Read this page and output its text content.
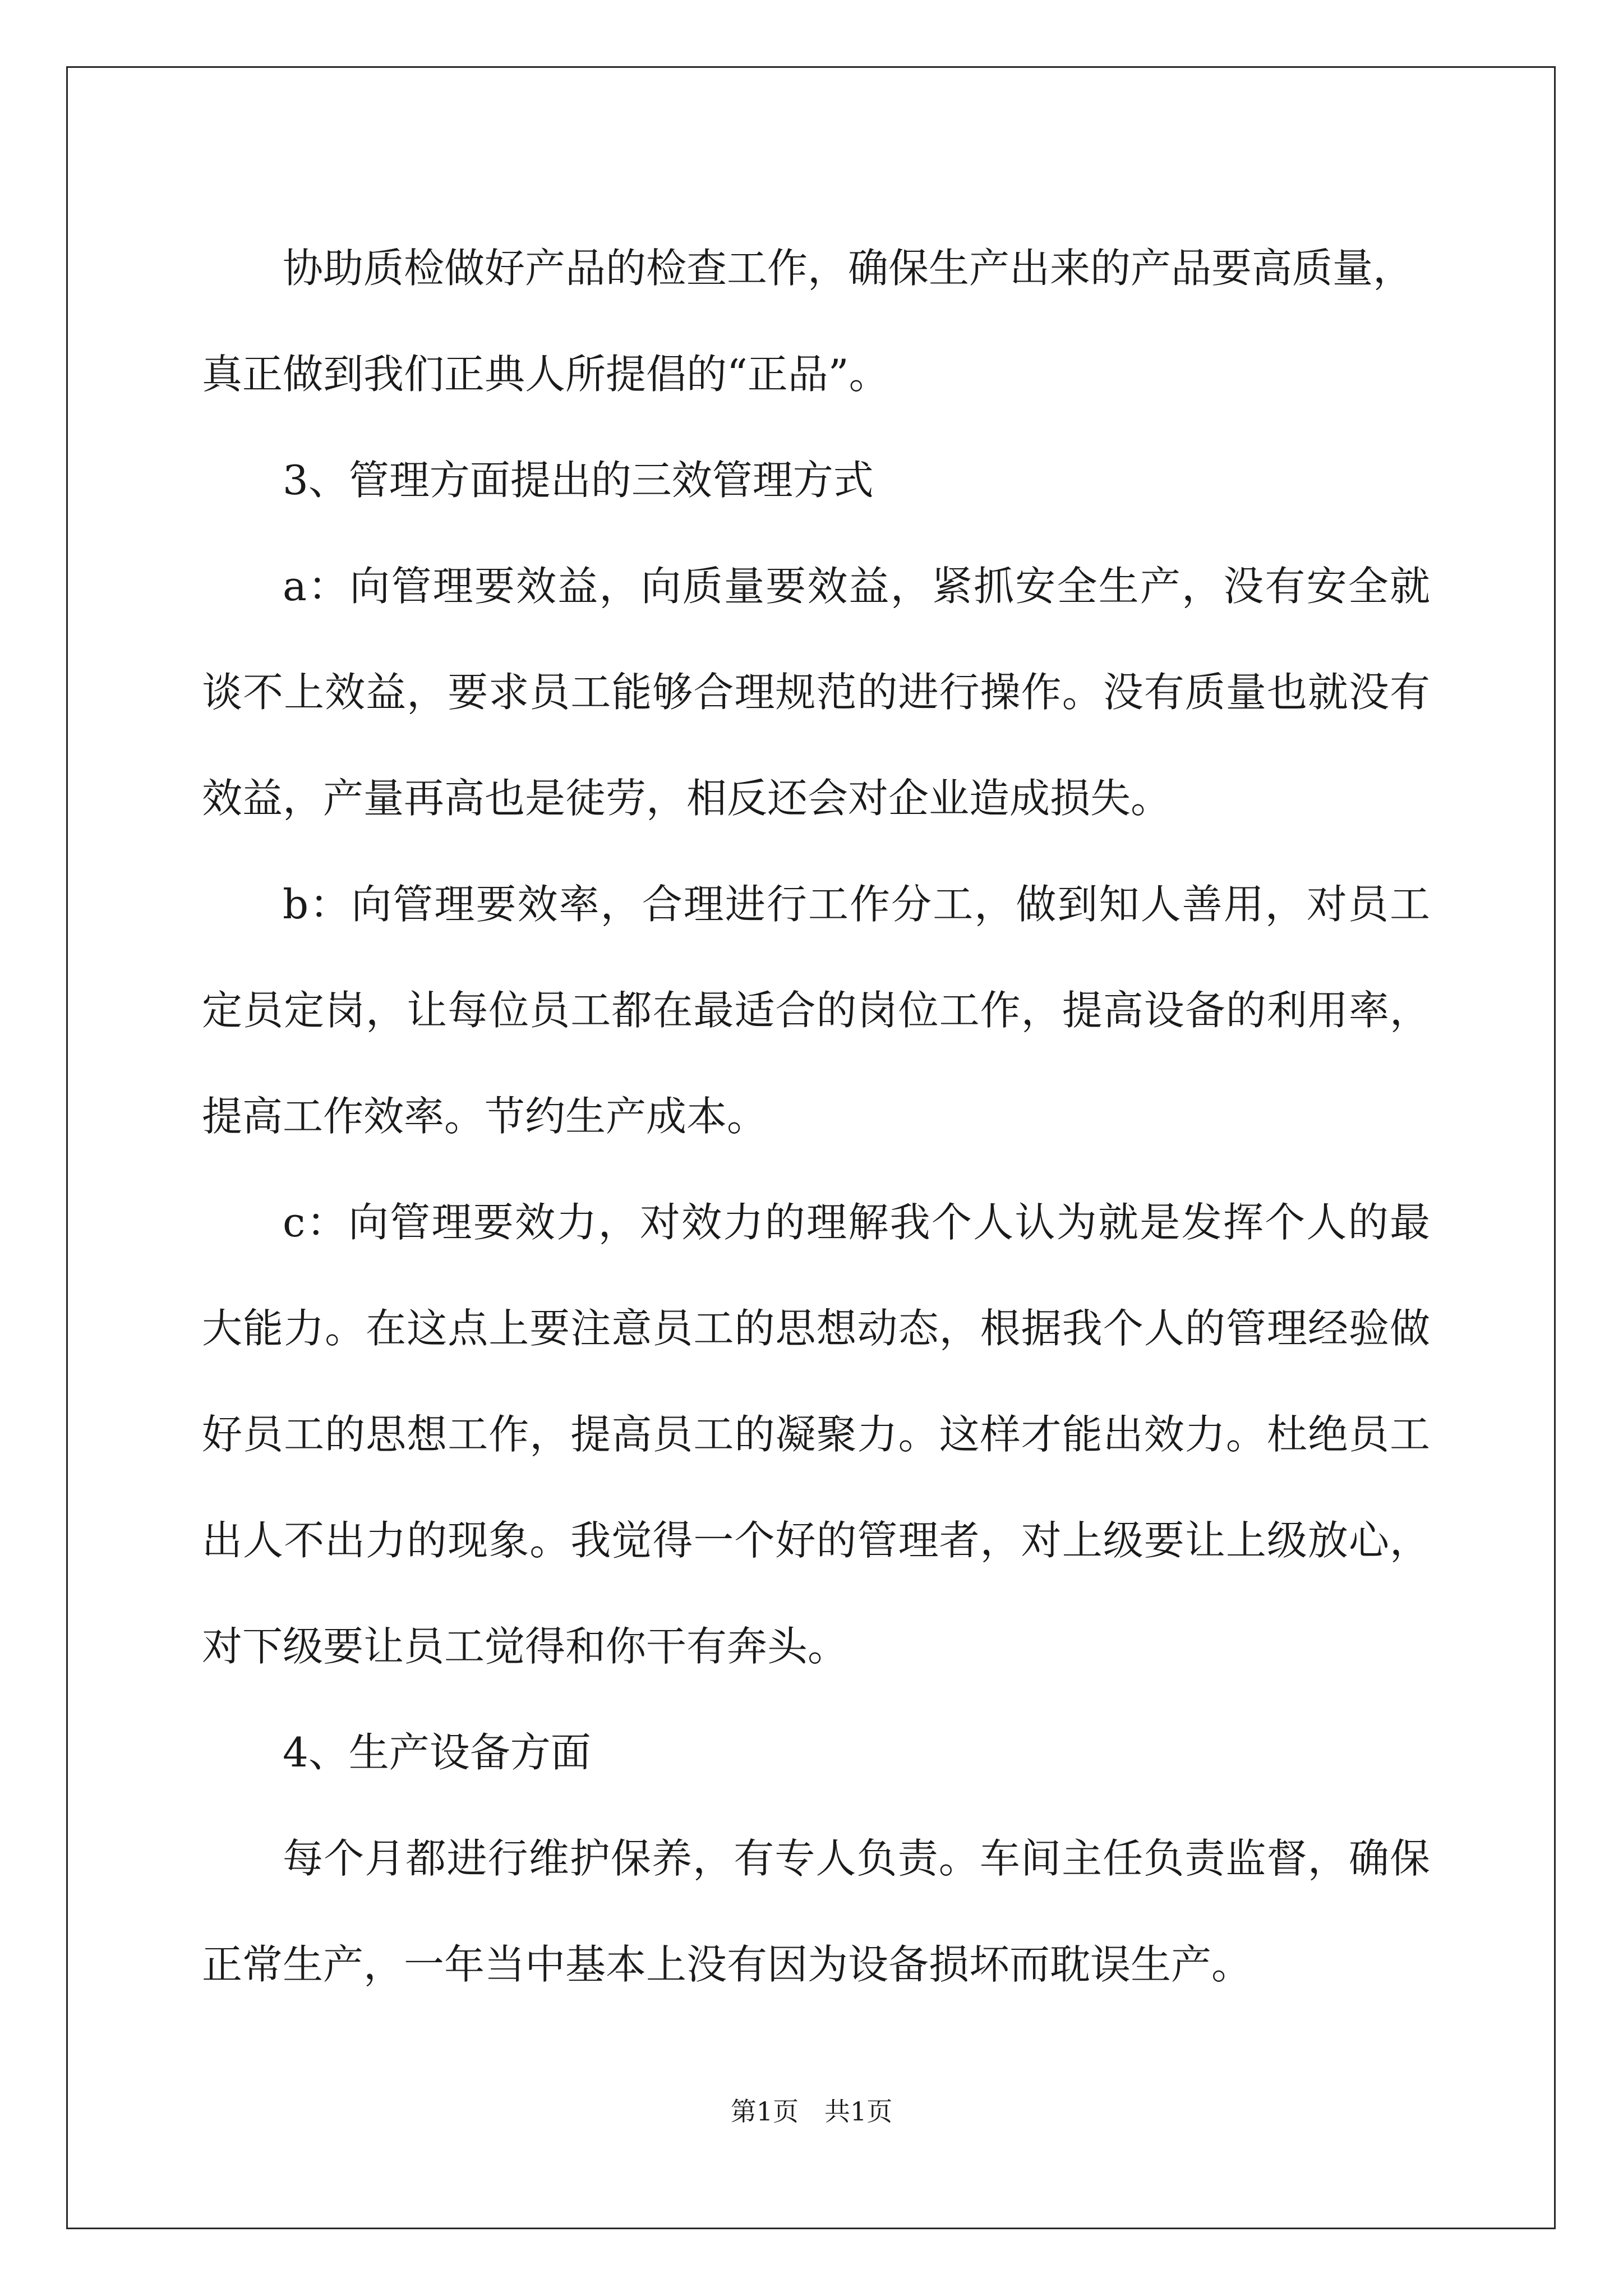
协助质检做好产品的检查工作，确保生产出来的产品要高质量，

真正做到我们正典人所提倡的“正品”。

3、管理方面提出的三效管理方式

a：向管理要效益，向质量要效益，紧抓安全生产，没有安全就谈不上效益，要求员工能够合理规范的进行操作。没有质量也就没有效益，产量再高也是徒劳，相反还会对企业造成损失。

b：向管理要效率，合理进行工作分工，做到知人善用，对员工定员定岗，让每位员工都在最适合的岗位工作，提高设备的利用率，提高工作效率。节约生产成本。

c：向管理要效力，对效力的理解我个人认为就是发挥个人的最大能力。在这点上要注意员工的思想动态，根据我个人的管理经验做好员工的思想工作，提高员工的凝聚力。这样才能出效力。杜绝员工出人不出力的现象。我觉得一个好的管理者，对上级要让上级放心，对下级要让员工觉得和你干有奔头。

4、生产设备方面

每个月都进行维护保养，有专人负责。车间主任负责监督，确保正常生产，一年当中基本上没有因为设备损坏而耽误生产。

第1页　共1页
